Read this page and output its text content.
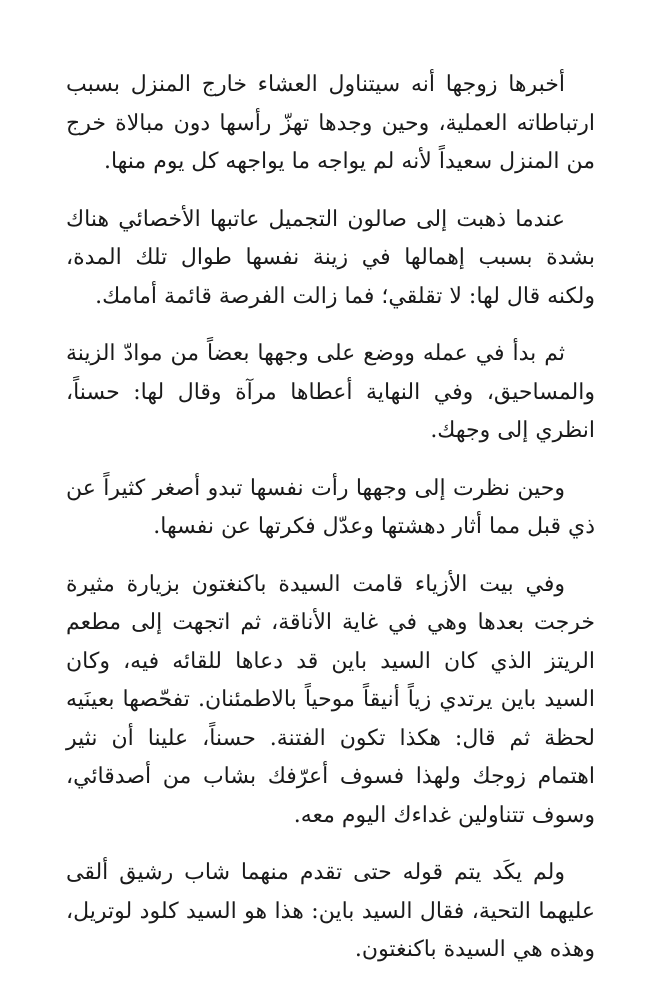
أخبرها زوجها أنه سيتناول العشاء خارج المنزل بسبب ارتباطاته العملية، وحين وجدها تهزّ رأسها دون مبالاة خرج من المنزل سعيداً لأنه لم يواجه ما يواجهه كل يوم منها.

عندما ذهبت إلى صالون التجميل عاتبها الأخصائي هناك بشدة بسبب إهمالها في زينة نفسها طوال تلك المدة، ولكنه قال لها: لا تقلقي؛ فما زالت الفرصة قائمة أمامك.

ثم بدأ في عمله ووضع على وجهها بعضاً من موادّ الزينة والمساحيق، وفي النهاية أعطاها مرآة وقال لها: حسناً، انظري إلى وجهك.

وحين نظرت إلى وجهها رأت نفسها تبدو أصغر كثيراً عن ذي قبل مما أثار دهشتها وعدّل فكرتها عن نفسها.

وفي بيت الأزياء قامت السيدة باكنغتون بزيارة مثيرة خرجت بعدها وهي في غاية الأناقة، ثم اتجهت إلى مطعم الريتز الذي كان السيد باين قد دعاها للقائه فيه، وكان السيد باين يرتدي زياً أنيقاً موحياً بالاطمئنان. تفحّصها بعينَيه لحظة ثم قال: هكذا تكون الفتنة. حسناً، علينا أن نثير اهتمام زوجك ولهذا فسوف أعرّفك بشاب من أصدقائي، وسوف تتناولين غداءك اليوم معه.

ولم يكَد يتم قوله حتى تقدم منهما شاب رشيق ألقى عليهما التحية، فقال السيد باين: هذا هو السيد كلود لوتريل، وهذه هي السيدة باكنغتون.
